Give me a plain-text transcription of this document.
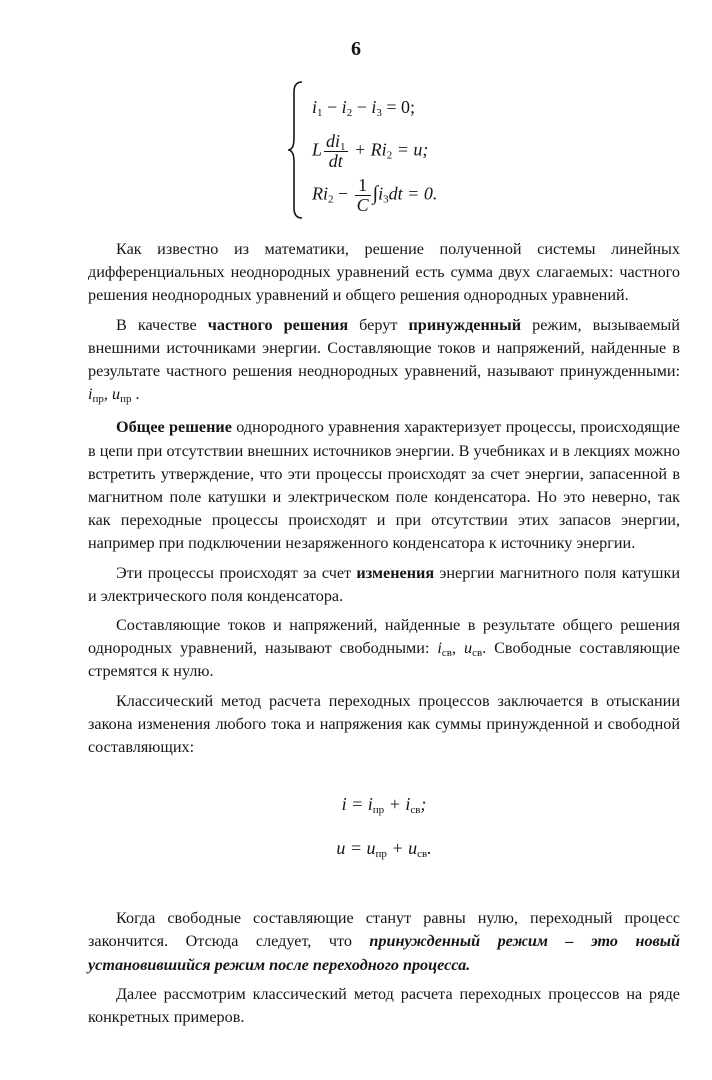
6
$i_1 - i_2 - i_3 = 0$;
L $\frac{di_1}{dt} + Ri_2 = u$;
$Ri_2 - \frac{1}{C} \int i_3dt = 0$.

Как известно из математики, решение полученной системы линейных дифференциальных неоднородных уравнений есть сумма двух слагаемых: частного решения неоднородных уравнений и общего решения однородных уравнений.

В качестве частного решения берут принужденный режим, вызываемый внешними источниками энергии. Составляющие токов и напряжений, найденные в результате частного решения неоднородных уравнений, называют принужденными: $i_{пр}$, $u_{пр}$ .

Общее решение однородного уравнения характеризует процессы, происходящие в цепи при отсутствии внешних источников энергии. В учебниках и в лекциях можно встретить утверждение, что эти процессы происходят за счет энергии, запасенной в магнитном поле катушки и электрическом поле конденсатора. Но это неверно, так как переходные процессы происходят и при отсутствии этих запасов энергии, например при подключении незаряженного конденсатора к источнику энергии.

Эти процессы происходят за счет изменения энергии магнитного поля катушки и электрического поля конденсатора.

Составляющие токов и напряжений, найденные в результате общего решения однородных уравнений, называют свободными: $i_{св}$, $u_{св}$. Свободные составляющие стремятся к нулю.

Классический метод расчета переходных процессов заключается в отыскании закона изменения любого тока и напряжения как суммы принужденной и свободной составляющих:

$i = i_{пр} + i_{св}$;
$u = u_{пр} + u_{св}$.

Когда свободные составляющие станут равны нулю, переходный процесс закончится. Отсюда следует, что принужденный режим – это новый установившийся режим после переходного процесса.

Далее рассмотрим классический метод расчета переходных процессов на ряде конкретных примеров.
